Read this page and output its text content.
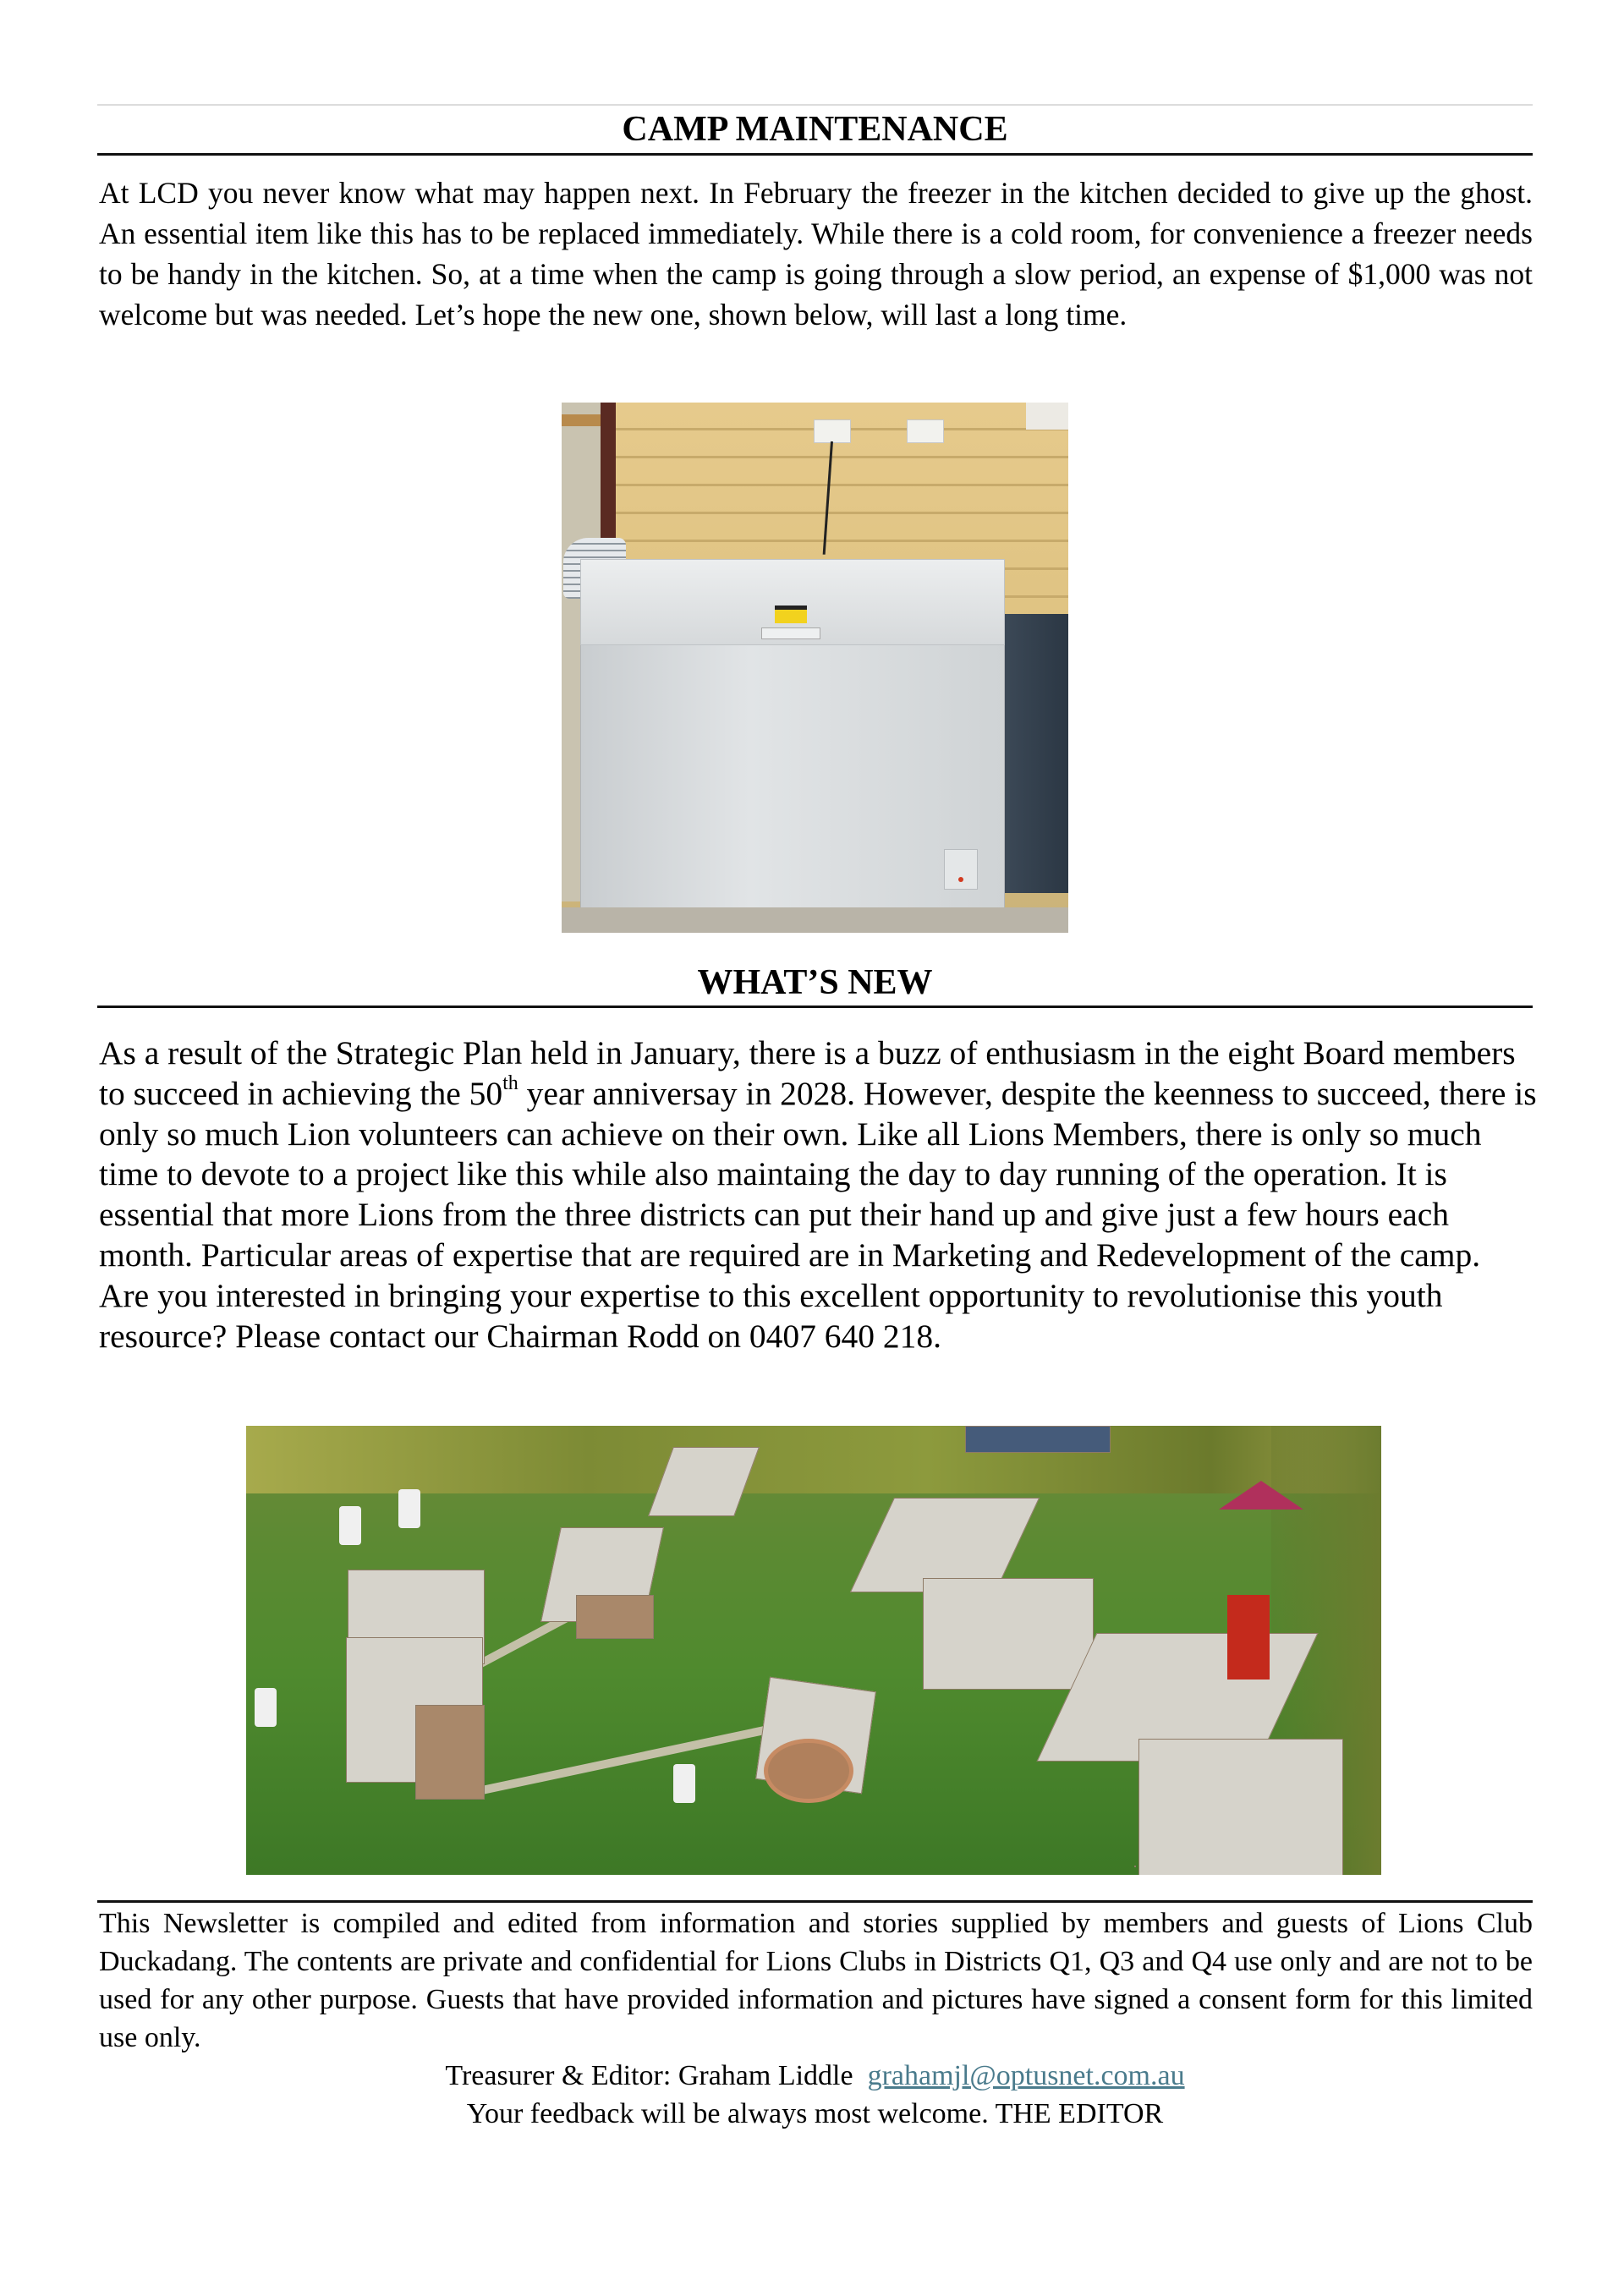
CAMP MAINTENANCE

At LCD you never know what may happen next. In February the freezer in the kitchen decided to give up the ghost. An essential item like this has to be replaced immediately. While there is a cold room, for convenience a freezer needs to be handy in the kitchen. So, at a time when the camp is going through a slow period, an expense of $1,000 was not welcome but was needed. Let’s hope the new one, shown below, will last a long time.

WHAT’S NEW

As a result of the Strategic Plan held in January, there is a buzz of enthusiasm in the eight Board members to succeed in achieving the 50th year anniversay in 2028. However, despite the keenness to succeed, there is only so much Lion volunteers can achieve on their own. Like all Lions Members, there is only so much time to devote to a project like this while also maintaing the day to day running of the operation. It is essential that more Lions from the three districts can put their hand up and give just a few hours each month. Particular areas of expertise that are required are in Marketing and Redevelopment of the camp.
Are you interested in bringing your expertise to this excellent opportunity to revolutionise this youth resource? Please contact our Chairman Rodd on 0407 640 218.

This Newsletter is compiled and edited from information and stories supplied by members and guests of Lions Club Duckadang. The contents are private and confidential for Lions Clubs in Districts Q1, Q3 and Q4 use only and are not to be used for any other purpose. Guests that have provided information and pictures have signed a consent form for this limited use only.

Treasurer & Editor: Graham Liddle  grahamjl@optusnet.com.au

Your feedback will be always most welcome. THE EDITOR
